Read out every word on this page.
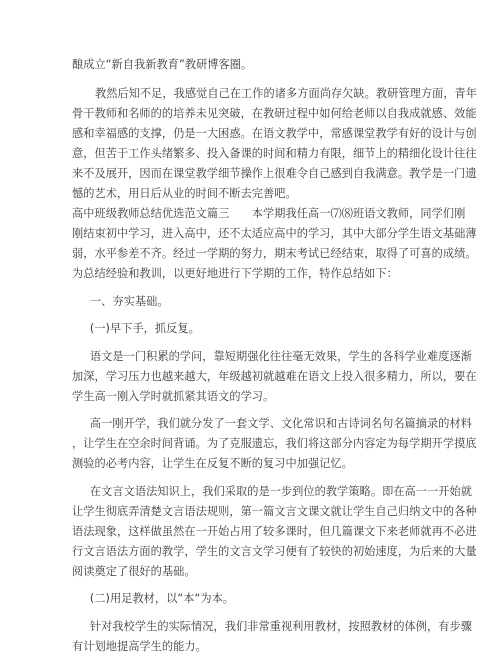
酿成立“新自我新教育”教研博客圈。
教然后知不足，我感觉自己在工作的诸多方面尚存欠缺。教研管理方面，青年
骨干教师和名师的的培养未见突破，在教研过程中如何给老师以自我成就感、效能
感和幸福感的支撑，仍是一大困惑。在语文教学中，常感课堂教学有好的设计与创
意，但苦于工作头绪繁多、投入备课的时间和精力有限，细节上的精细化设计往往
来不及展开，因而在课堂教学细节操作上很难令自己感到自我满意。教学是一门遗
憾的艺术，用日后从业的时间不断去完善吧。
高中班级教师总结优选范文篇三　　本学期我任高一⑺⑻班语文教师，同学们刚
刚结束初中学习，进入高中，还不太适应高中的学习，其中大部分学生语文基础薄
弱，水平参差不齐。经过一学期的努力，期末考试已经结束，取得了可喜的成绩。
为总结经验和教训，以更好地进行下学期的工作，特作总结如下：
一、夯实基础。
(一)早下手，抓反复。
语文是一门积累的学问，靠短期强化往往毫无效果，学生的各科学业难度逐渐
加深，学习压力也越来越大，年级越初就越难在语文上投入很多精力，所以，要在
学生高一刚入学时就抓紧其语文的学习。
高一刚开学，我们就分发了一套文学、文化常识和古诗词名句名篇摘录的材料
，让学生在空余时间背诵。为了克服遗忘，我们将这部分内容定为每学期开学摸底
测验的必考内容，让学生在反复不断的复习中加强记忆。
在文言文语法知识上，我们采取的是一步到位的教学策略。即在高一一开始就
让学生彻底弄清楚文言语法规则，第一篇文言文课文就让学生自己归纳文中的各种
语法现象，这样做虽然在一开始占用了较多课时，但几篇课文下来老师就再不必进
行文言语法方面的教学，学生的文言文学习便有了较快的初始速度，为后来的大量
阅读奠定了很好的基础。
(二)用足教材，以“本“为本。
针对我校学生的实际情况，我们非常重视利用教材，按照教材的体例，有步骤
有计划地提高学生的能力。
